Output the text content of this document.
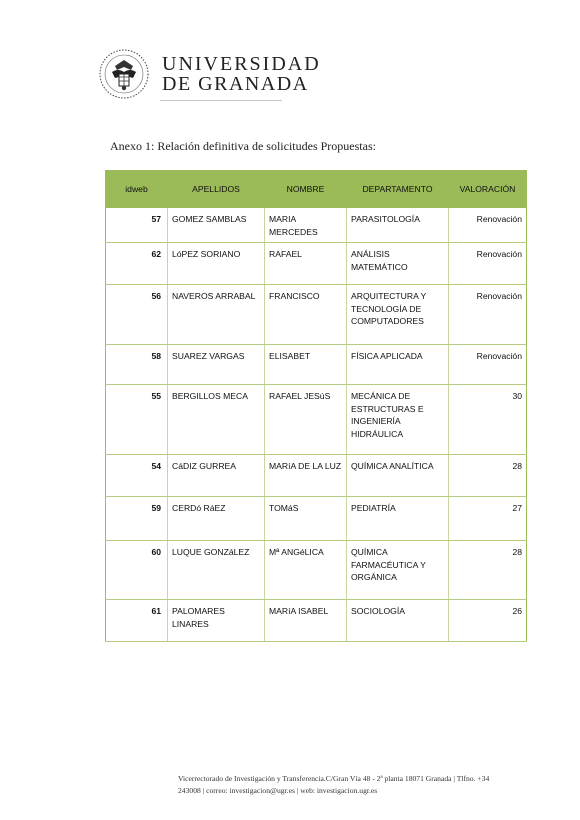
UNIVERSIDAD
DE GRANADA
Anexo 1: Relación definitiva de solicitudes Propuestas:
idweb	APELLIDOS	NOMBRE	DEPARTAMENTO	VALORACIÓN
57	GOMEZ SAMBLAS	MARIA MERCEDES	PARASITOLOGÍA	Renovación
62	LóPEZ SORIANO	RAFAEL	ANÁLISIS MATEMÁTICO	Renovación
56	NAVEROS ARRABAL	FRANCISCO	ARQUITECTURA Y TECNOLOGÍA DE COMPUTADORES	Renovación
58	SUAREZ VARGAS	ELISABET	FÍSICA APLICADA	Renovación
55	BERGILLOS MECA	RAFAEL JESúS	MECÁNICA DE ESTRUCTURAS E INGENIERÍA HIDRÁULICA	30
54	CáDIZ GURREA	MARíA DE LA LUZ	QUÍMICA ANALÍTICA	28
59	CERDó RáEZ	TOMáS	PEDIATRÍA	27
60	LUQUE GONZáLEZ	Mª ANGéLICA	QUÍMICA FARMACÉUTICA Y ORGÁNICA	28
61	PALOMARES LINARES	MARíA ISABEL	SOCIOLOGÍA	26
Vicerrectorado de Investigación y Transferencia.C/Gran Vía 48 - 2ª planta 18071 Granada | Tlfno. +34
243008 | correo: investigacion@ugr.es | web: investigacion.ugr.es
